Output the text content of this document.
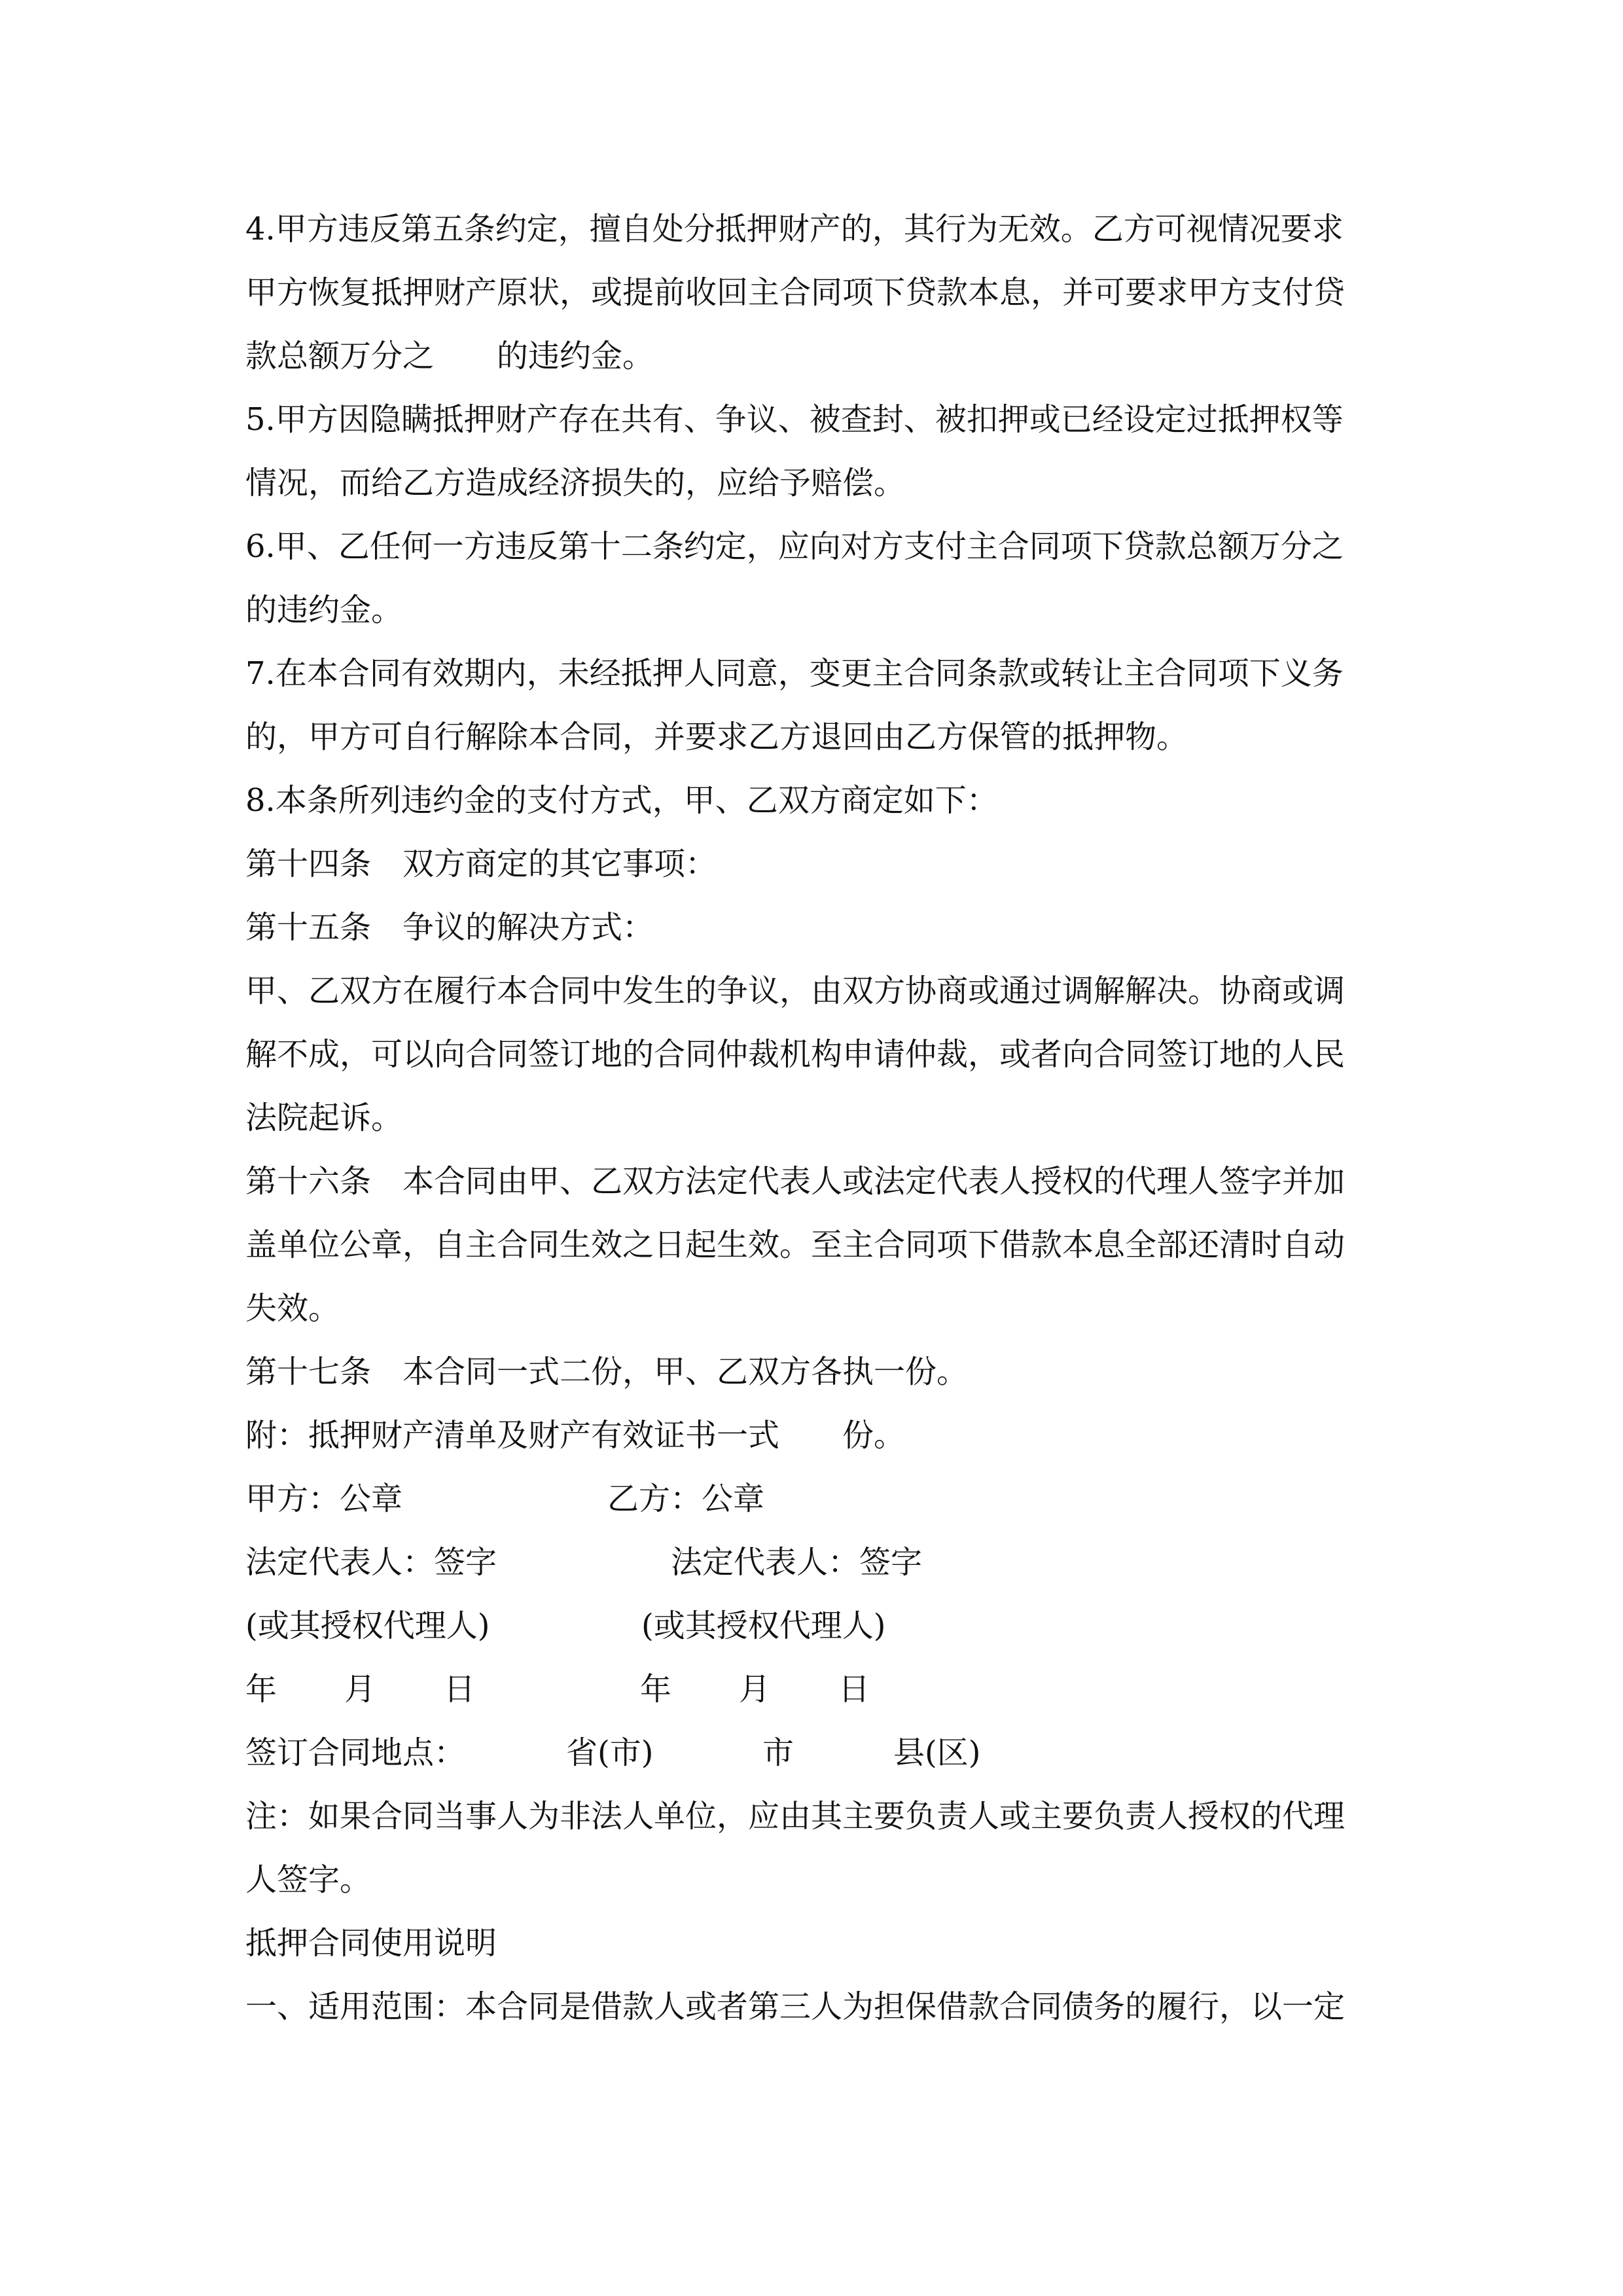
4.甲方违反第五条约定，擅自处分抵押财产的，其行为无效。乙方可视情况要求
甲方恢复抵押财产原状，或提前收回主合同项下贷款本息，并可要求甲方支付贷
款总额万分之　　的违约金。
5.甲方因隐瞒抵押财产存在共有、争议、被查封、被扣押或已经设定过抵押权等
情况，而给乙方造成经济损失的，应给予赔偿。
6.甲、乙任何一方违反第十二条约定，应向对方支付主合同项下贷款总额万分之
的违约金。
7.在本合同有效期内，未经抵押人同意，变更主合同条款或转让主合同项下义务
的，甲方可自行解除本合同，并要求乙方退回由乙方保管的抵押物。
8.本条所列违约金的支付方式，甲、乙双方商定如下：
第十四条　双方商定的其它事项：
第十五条　争议的解决方式：
甲、乙双方在履行本合同中发生的争议，由双方协商或通过调解解决。协商或调
解不成，可以向合同签订地的合同仲裁机构申请仲裁，或者向合同签订地的人民
法院起诉。
第十六条　本合同由甲、乙双方法定代表人或法定代表人授权的代理人签字并加
盖单位公章，自主合同生效之日起生效。至主合同项下借款本息全部还清时自动
失效。
第十七条　本合同一式二份，甲、乙双方各执一份。
附：抵押财产清单及财产有效证书一式　　份。
甲方：公章	乙方：公章
法定代表人：签字	法定代表人：签字
(或其授权代理人)	(或其授权代理人)
年 月 日	年 月 日
签订合同地点：	省(市)	市	县(区)
注：如果合同当事人为非法人单位，应由其主要负责人或主要负责人授权的代理
人签字。
抵押合同使用说明
一、适用范围：本合同是借款人或者第三人为担保借款合同债务的履行，以一定
